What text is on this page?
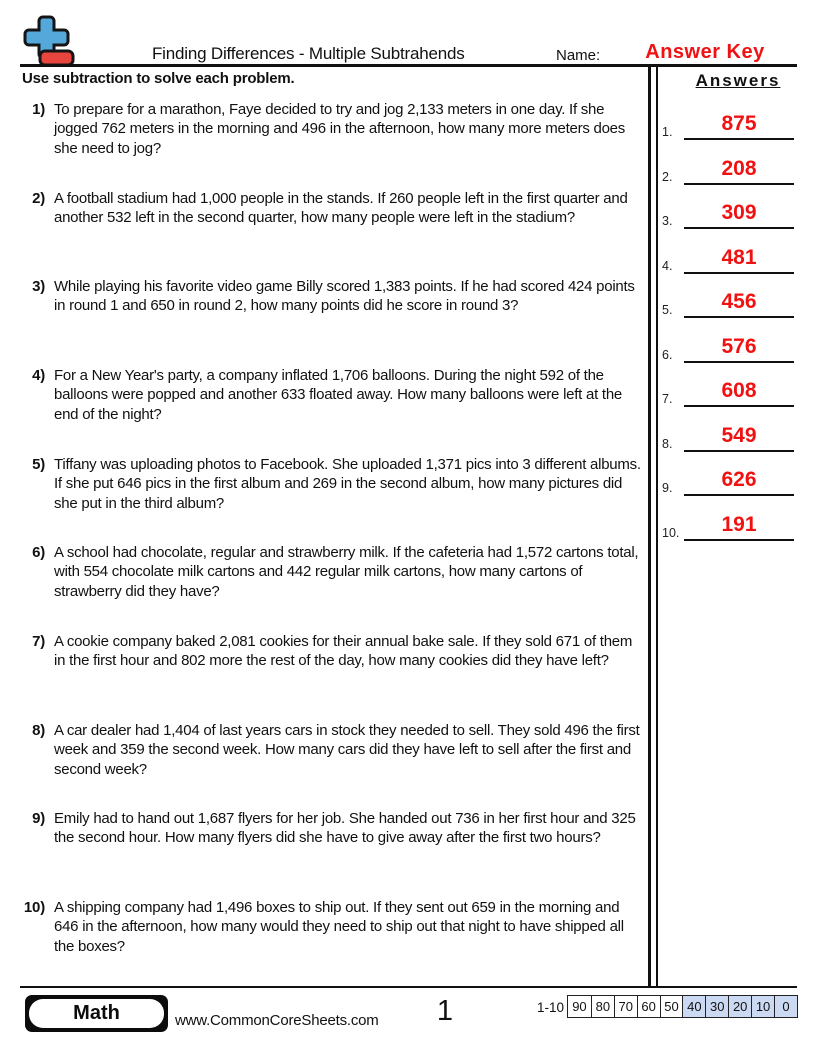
Finding Differences - Multiple Subtrahends	Name:	Answer Key
Use subtraction to solve each problem.
1) To prepare for a marathon, Faye decided to try and jog 2,133 meters in one day. If she jogged 762 meters in the morning and 496 in the afternoon, how many more meters does she need to jog?
2) A football stadium had 1,000 people in the stands. If 260 people left in the first quarter and another 532 left in the second quarter, how many people were left in the stadium?
3) While playing his favorite video game Billy scored 1,383 points. If he had scored 424 points in round 1 and 650 in round 2, how many points did he score in round 3?
4) For a New Year's party, a company inflated 1,706 balloons. During the night 592 of the balloons were popped and another 633 floated away. How many balloons were left at the end of the night?
5) Tiffany was uploading photos to Facebook. She uploaded 1,371 pics into 3 different albums. If she put 646 pics in the first album and 269 in the second album, how many pictures did she put in the third album?
6) A school had chocolate, regular and strawberry milk. If the cafeteria had 1,572 cartons total, with 554 chocolate milk cartons and 442 regular milk cartons, how many cartons of strawberry did they have?
7) A cookie company baked 2,081 cookies for their annual bake sale. If they sold 671 of them in the first hour and 802 more the rest of the day, how many cookies did they have left?
8) A car dealer had 1,404 of last years cars in stock they needed to sell. They sold 496 the first week and 359 the second week. How many cars did they have left to sell after the first and second week?
9) Emily had to hand out 1,687 flyers for her job. She handed out 736 in her first hour and 325 the second hour. How many flyers did she have to give away after the first two hours?
10) A shipping company had 1,496 boxes to ship out. If they sent out 659 in the morning and 646 in the afternoon, how many would they need to ship out that night to have shipped all the boxes?
Answers
1.	875
2.	208
3.	309
4.	481
5.	456
6.	576
7.	608
8.	549
9.	626
10.	191
Math	www.CommonCoreSheets.com	1	1-10 90 80 70 60 50 40 30 20 10 0
